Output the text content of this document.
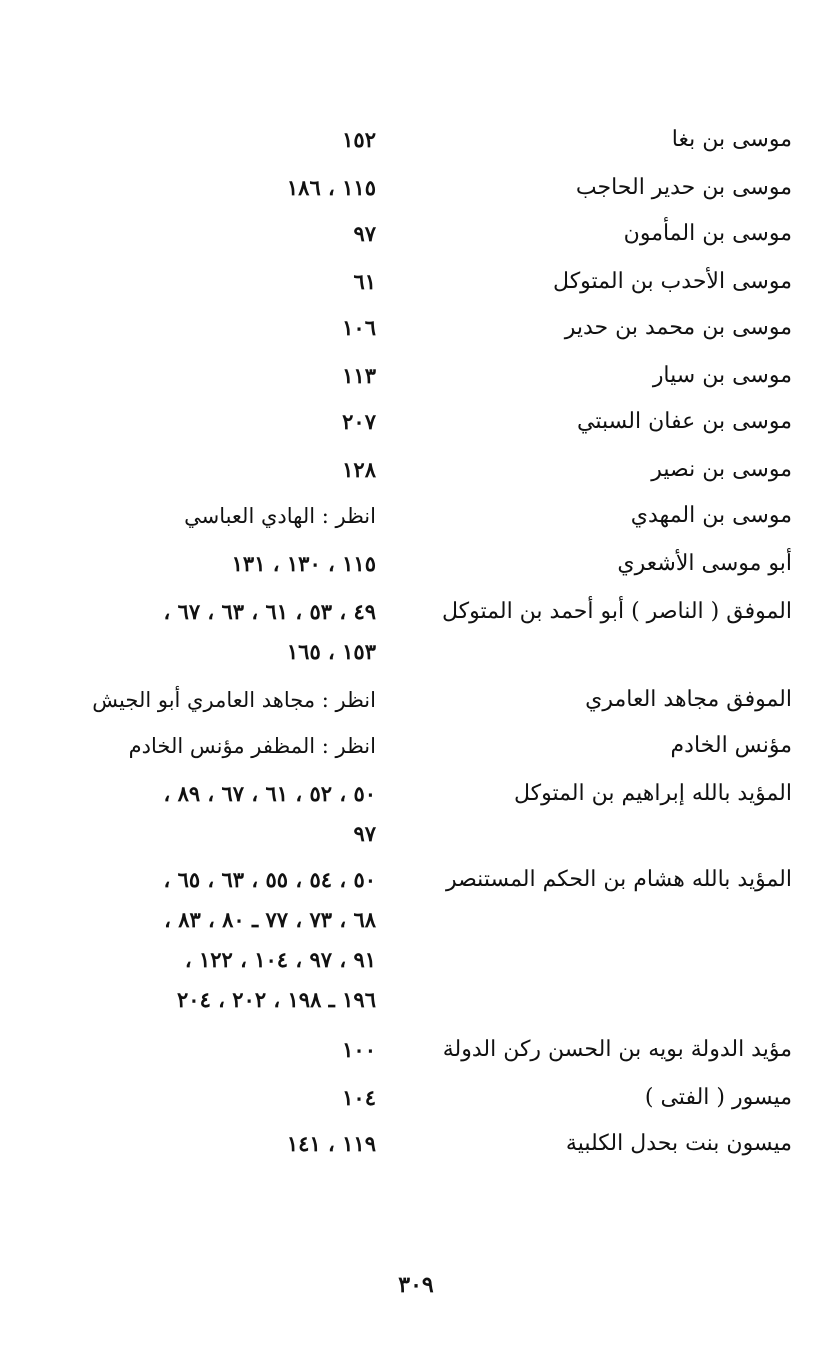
موسى بن بغا
١٥٢
موسى بن حدير الحاجب
١١٥ ، ١٨٦
موسى بن المأمون
٩٧
موسى الأحدب بن المتوكل
٦١
موسى بن محمد بن حدير
١٠٦
موسى بن سيار
١١٣
موسى بن عفان السبتي
٢٠٧
موسى بن نصير
١٢٨
موسى بن المهدي
انظر : الهادي العباسي
أبو موسى الأشعري
١١٥ ، ١٣٠ ، ١٣١
الموفق ( الناصر ) أبو أحمد بن المتوكل
٤٩ ، ٥٣ ، ٦١ ، ٦٣ ، ٦٧ ،
١٥٣ ، ١٦٥
الموفق مجاهد العامري
انظر : مجاهد العامري أبو الجيش
مؤنس الخادم
انظر : المظفر مؤنس الخادم
المؤيد بالله إبراهيم بن المتوكل
٥٠ ، ٥٢ ، ٦١ ، ٦٧ ، ٨٩ ،
٩٧
المؤيد بالله هشام بن الحكم المستنصر
٥٠ ، ٥٤ ، ٥٥ ، ٦٣ ، ٦٥ ،
٦٨ ، ٧٣ ، ٧٧ ـ ٨٠ ، ٨٣ ،
٩١ ، ٩٧ ، ١٠٤ ، ١٢٢ ،
١٩٦ ـ ١٩٨ ، ٢٠٢ ، ٢٠٤
مؤيد الدولة بويه بن الحسن ركن الدولة
١٠٠
ميسور ( الفتى )
١٠٤
ميسون بنت بحدل الكلبية
١١٩ ، ١٤١
٣٠٩
